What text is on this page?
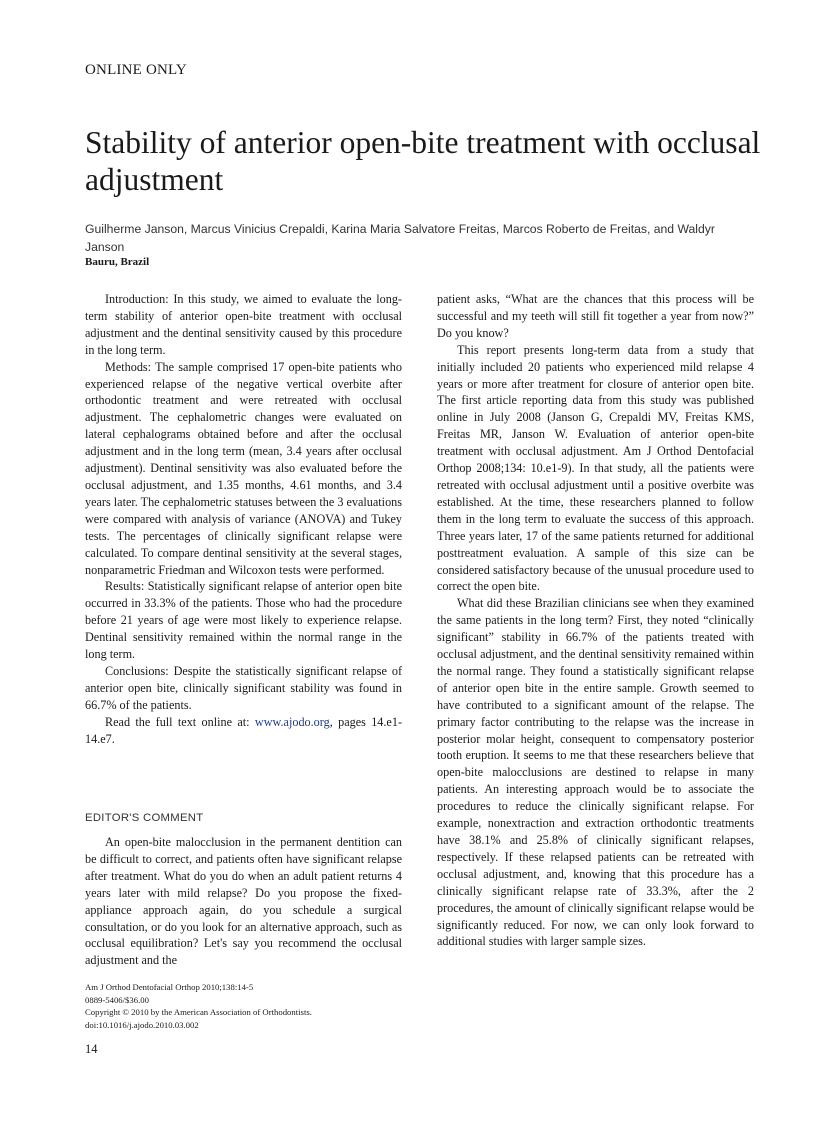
ONLINE ONLY
Stability of anterior open-bite treatment with occlusal adjustment
Guilherme Janson, Marcus Vinicius Crepaldi, Karina Maria Salvatore Freitas, Marcos Roberto de Freitas, and Waldyr Janson
Bauru, Brazil

Introduction: In this study, we aimed to evaluate the long-term stability of anterior open-bite treatment with occlusal adjustment and the dentinal sensitivity caused by this procedure in the long term.

Methods: The sample comprised 17 open-bite patients who experienced relapse of the negative vertical overbite after orthodontic treatment and were retreated with occlusal adjustment. The cephalometric changes were evaluated on lateral cephalograms obtained before and after the occlusal adjustment and in the long term (mean, 3.4 years after occlusal adjustment). Dentinal sensitivity was also evaluated before the occlusal adjustment, and 1.35 months, 4.61 months, and 3.4 years later. The cephalometric statuses between the 3 evaluations were compared with analysis of variance (ANOVA) and Tukey tests. The percentages of clinically significant relapse were calculated. To compare dentinal sensitivity at the several stages, nonparametric Friedman and Wilcoxon tests were performed.

Results: Statistically significant relapse of anterior open bite occurred in 33.3% of the patients. Those who had the procedure before 21 years of age were most likely to experience relapse. Dentinal sensitivity remained within the normal range in the long term.

Conclusions: Despite the statistically significant relapse of anterior open bite, clinically significant stability was found in 66.7% of the patients.

Read the full text online at: www.ajodo.org, pages 14.e1-14.e7.

EDITOR'S COMMENT

An open-bite malocclusion in the permanent dentition can be difficult to correct, and patients often have significant relapse after treatment. What do you do when an adult patient returns 4 years later with mild relapse? Do you propose the fixed-appliance approach again, do you schedule a surgical consultation, or do you look for an alternative approach, such as occlusal equilibration? Let's say you recommend the occlusal adjustment and the

patient asks, “What are the chances that this process will be successful and my teeth will still fit together a year from now?” Do you know?

This report presents long-term data from a study that initially included 20 patients who experienced mild relapse 4 years or more after treatment for closure of anterior open bite. The first article reporting data from this study was published online in July 2008 (Janson G, Crepaldi MV, Freitas KMS, Freitas MR, Janson W. Evaluation of anterior open-bite treatment with occlusal adjustment. Am J Orthod Dentofacial Orthop 2008;134: 10.e1-9). In that study, all the patients were retreated with occlusal adjustment until a positive overbite was established. At the time, these researchers planned to follow them in the long term to evaluate the success of this approach. Three years later, 17 of the same patients returned for additional posttreatment evaluation. A sample of this size can be considered satisfactory because of the unusual procedure used to correct the open bite.

What did these Brazilian clinicians see when they examined the same patients in the long term? First, they noted “clinically significant” stability in 66.7% of the patients treated with occlusal adjustment, and the dentinal sensitivity remained within the normal range. They found a statistically significant relapse of anterior open bite in the entire sample. Growth seemed to have contributed to a significant amount of the relapse. The primary factor contributing to the relapse was the increase in posterior molar height, consequent to compensatory posterior tooth eruption. It seems to me that these researchers believe that open-bite malocclusions are destined to relapse in many patients. An interesting approach would be to associate the procedures to reduce the clinically significant relapse. For example, nonextraction and extraction orthodontic treatments have 38.1% and 25.8% of clinically significant relapses, respectively. If these relapsed patients can be retreated with occlusal adjustment, and, knowing that this procedure has a clinically significant relapse rate of 33.3%, after the 2 procedures, the amount of clinically significant relapse would be significantly reduced. For now, we can only look forward to additional studies with larger sample sizes.

Am J Orthod Dentofacial Orthop 2010;138:14-5
0889-5406/$36.00
Copyright © 2010 by the American Association of Orthodontists.
doi:10.1016/j.ajodo.2010.03.002
14
